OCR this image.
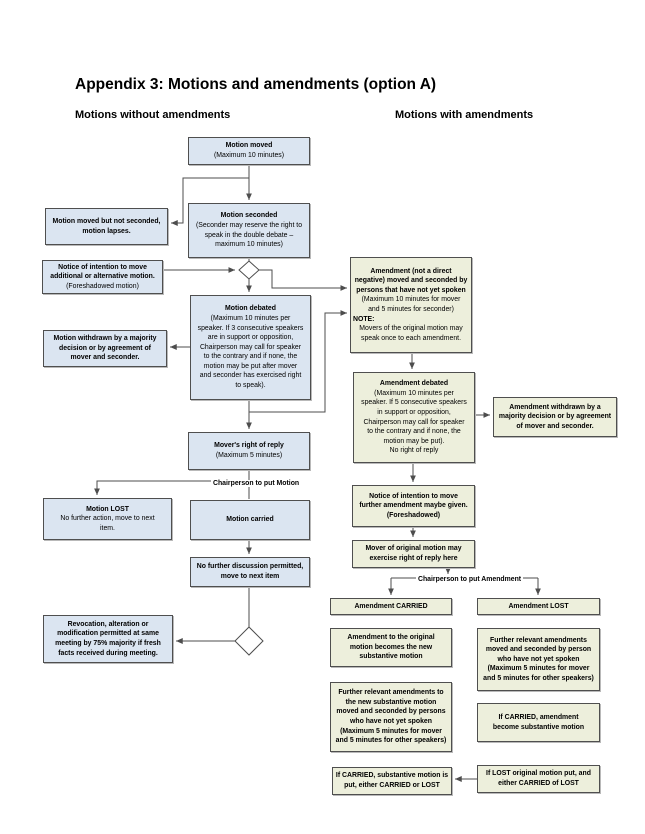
Appendix 3: Motions and amendments (option A)
Motions without amendments	Motions with amendments
Motion moved
(Maximum 10 minutes)
Motion seconded
(Seconder may reserve the right to
speak in the double debate –
maximum 10 minutes)
Motion debated
(Maximum 10 minutes per
speaker. If 3 consecutive speakers
are in support or opposition,
Chairperson may call for speaker
to the contrary and if none, the
motion may be put after mover
and seconder has exercised right
to speak).
Mover's right of reply
(Maximum 5 minutes)
Motion carried
No further discussion permitted,
move to next item
Motion moved but not seconded,
motion lapses.
Notice of intention to move
additional or alternative motion.
(Foreshadowed motion)
Motion withdrawn by a majority
decision or by agreement of
mover and seconder.
Motion LOST
No further action, move to next
item.
Revocation, alteration or
modification permitted at same
meeting by 75% majority if fresh
facts received during meeting.
Amendment (not a direct
negative) moved and seconded by
persons that have not yet spoken
(Maximum 10 minutes for mover
and 5 minutes for seconder)
NOTE:
Movers of the original motion may
speak once to each amendment.
Amendment debated
(Maximum 10 minutes per
speaker. If 5 consecutive speakers
in support or opposition,
Chairperson may call for speaker
to the contrary and if none, the
motion may be put).
No right of reply
Amendment withdrawn by a
majority decision or by agreement
of mover and seconder.
Notice of intention to move
further amendment maybe given.
(Foreshadowed)
Mover of original motion may
exercise right of reply here
Amendment CARRIED	Amendment LOST
Amendment to the original
motion becomes the new
substantive motion
Further relevant amendments
moved and seconded by person
who have not yet spoken
(Maximum 5 minutes for mover
and 5 minutes for other speakers)
Further relevant amendments to
the new substantive motion
moved and seconded by persons
who have not yet spoken
(Maximum 5 minutes for mover
and 5 minutes for other speakers)
If CARRIED, amendment
become substantive motion
If CARRIED, substantive motion is
put, either CARRIED or LOST
If LOST original motion put, and
either CARRIED of LOST
Chairperson to put Motion
Chairperson to put Amendment
